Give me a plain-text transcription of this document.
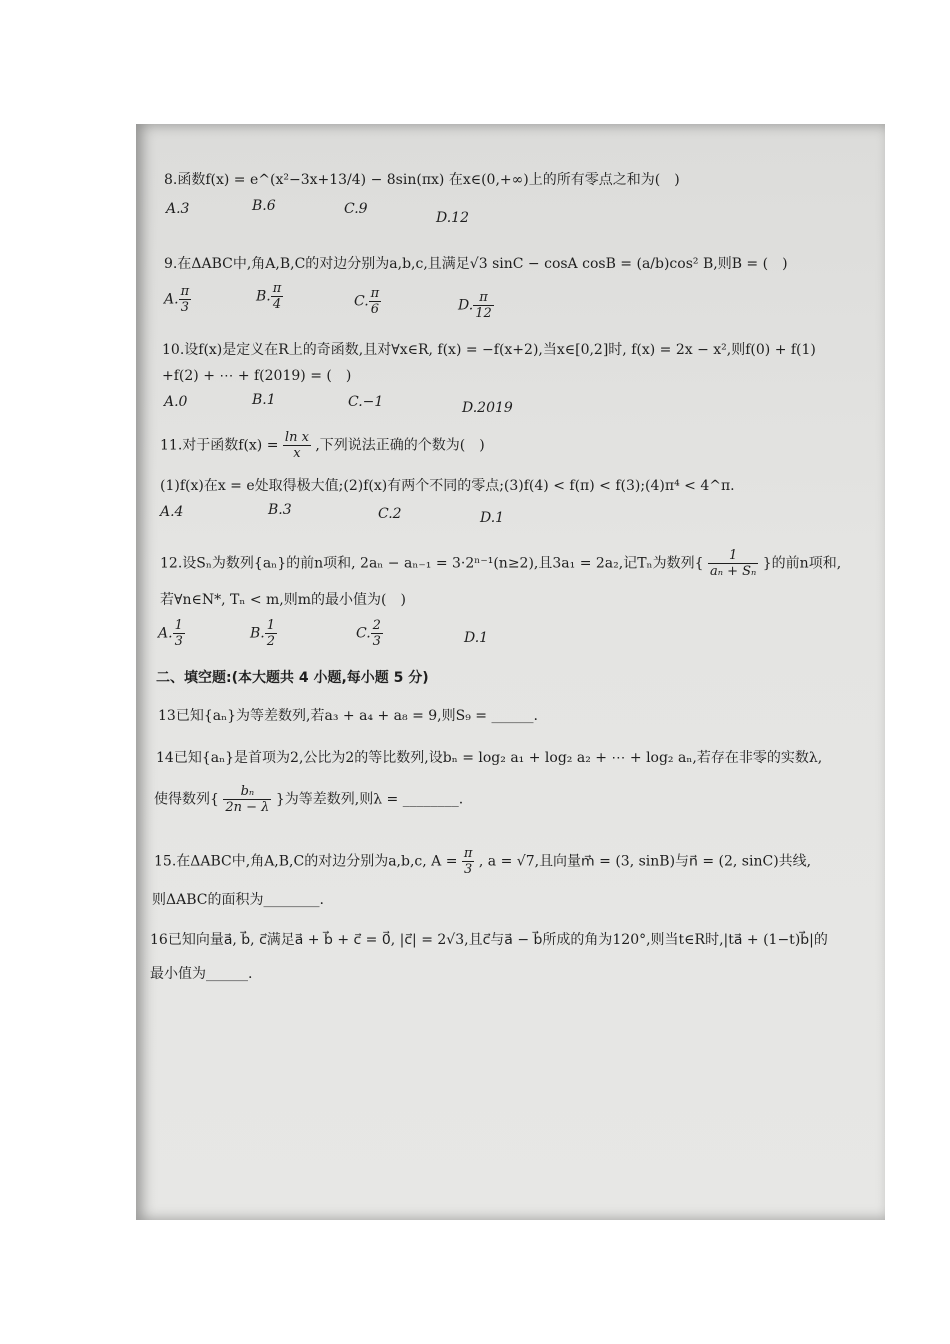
8.函数f(x) = e^(x²−3x+13/4) − 8sin(πx) 在x∈(0,+∞)上的所有零点之和为(　)
A.3	B.6	C.9
D.12
9.在ΔABC中,角A,B,C的对边分别为a,b,c,且满足√3 sinC − cosA cosB = (a/b)cos² B,则B = (　)
A. $\frac{\pi}{3}$	B. $\frac{\pi}{4}$	C. $\frac{\pi}{6}$	D. $\frac{\pi}{12}$
10.设f(x)是定义在R上的奇函数,且对∀x∈R, f(x) = −f(x+2),当x∈[0,2]时, f(x) = 2x − x²,则f(0) + f(1)
+f(2) + ⋯ + f(2019) = (　)
A.0	B.1	C.−1	D.2019
11.对于函数$f(x) = \frac{\text{ln x}}{x}$ ,下列说法正确的个数为(　)
(1)f(x)在x = e处取得极大值;(2)f(x)有两个不同的零点;(3)f(4) < f(π) < f(3);(4)π⁴ < 4^π.
A.4	B.3	C.2	D.1
12.设Sₙ为数列{aₙ}的前n项和, 2aₙ − aₙ₋₁ = 3·2ⁿ⁻¹(n≥2),且3a₁ = 2a₂,记Tₙ为数列{ $\frac{1}{\text{aₙ + Sₙ}}$ }的前n项和,
若∀n∈N*, Tₙ < m,则m的最小值为(　)
A. $\frac{1}{3}$	B. $\frac{1}{2}$	C. $\frac{2}{3}$	D.1
二、填空题:(本大题共 4 小题,每小题 5 分)
13已知{aₙ}为等差数列,若a₃ + a₄ + a₈ = 9,则S₉ = ______.
14已知{aₙ}是首项为2,公比为2的等比数列,设bₙ = log₂ a₁ + log₂ a₂ + ⋯ + log₂ aₙ,若存在非零的实数λ,
使得数列{ $\frac{\text{bₙ}}{2n - \lambda}$ }为等差数列,则λ = ________.
15.在ΔABC中,角A,B,C的对边分别为a,b,c, $A = \frac{\pi}{3}$ , a = √7,且向量m⃗ = (3, sinB)与n⃗ = (2, sinC)共线,
则ΔABC的面积为________.
16已知向量a⃗, b⃗, c⃗满足a⃗ + b⃗ + c⃗ = 0⃗, |c⃗| = 2√3,且c⃗与a⃗ − b⃗所成的角为120°,则当t∈R时,|ta⃗ + (1−t)b⃗|的
最小值为______.
